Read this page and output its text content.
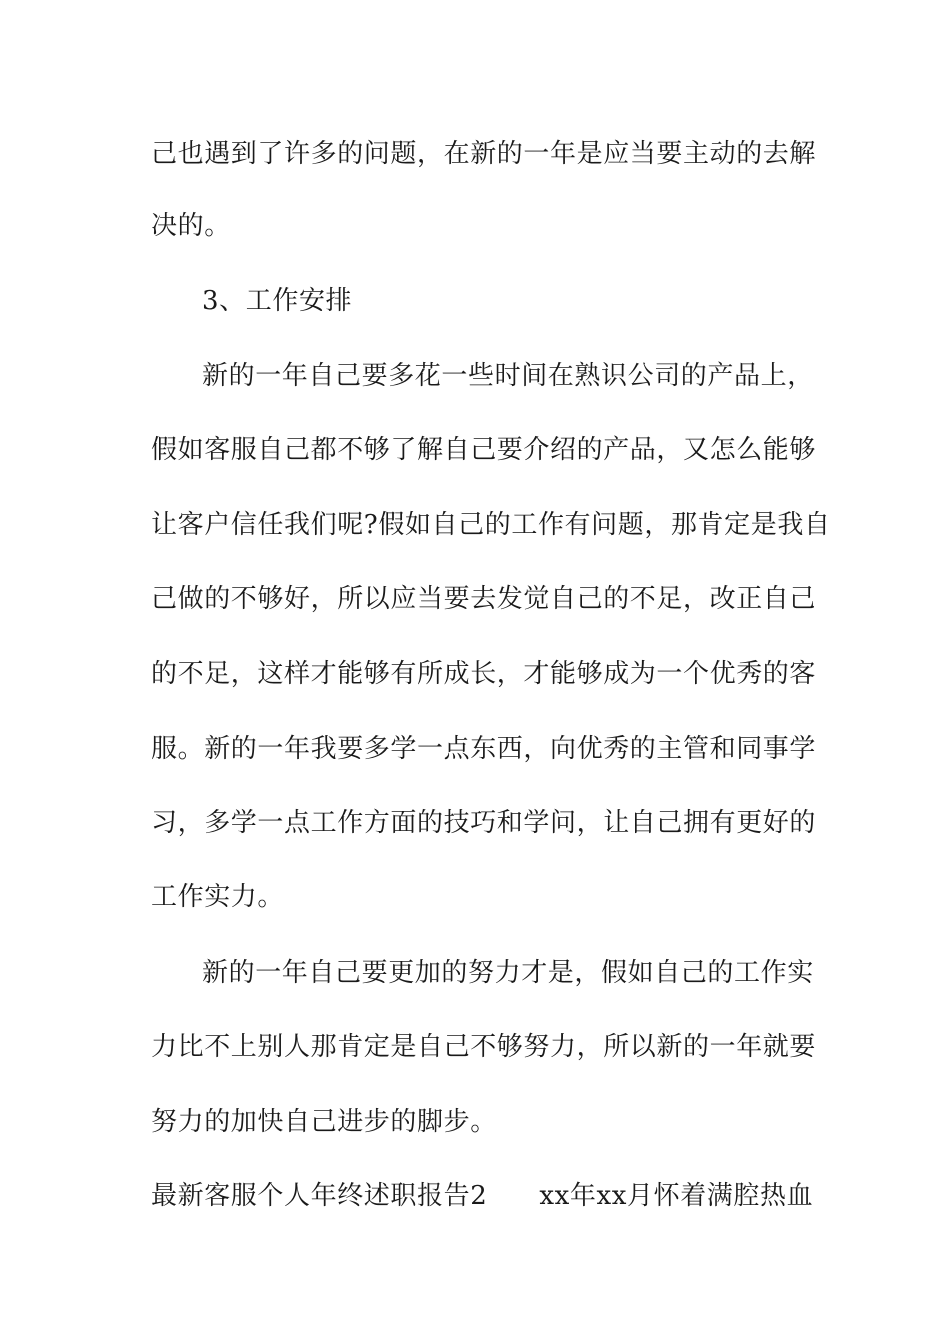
己也遇到了许多的问题，在新的一年是应当要主动的去解
决的。
3、工作安排
新的一年自己要多花一些时间在熟识公司的产品上，
假如客服自己都不够了解自己要介绍的产品，又怎么能够
让客户信任我们呢?假如自己的工作有问题，那肯定是我自
己做的不够好，所以应当要去发觉自己的不足，改正自己
的不足，这样才能够有所成长，才能够成为一个优秀的客
服。新的一年我要多学一点东西，向优秀的主管和同事学
习，多学一点工作方面的技巧和学问，让自己拥有更好的
工作实力。
新的一年自己要更加的努力才是，假如自己的工作实
力比不上别人那肯定是自己不够努力，所以新的一年就要
努力的加快自己进步的脚步。
最新客服个人年终述职报告2 xx年xx月怀着满腔热血
